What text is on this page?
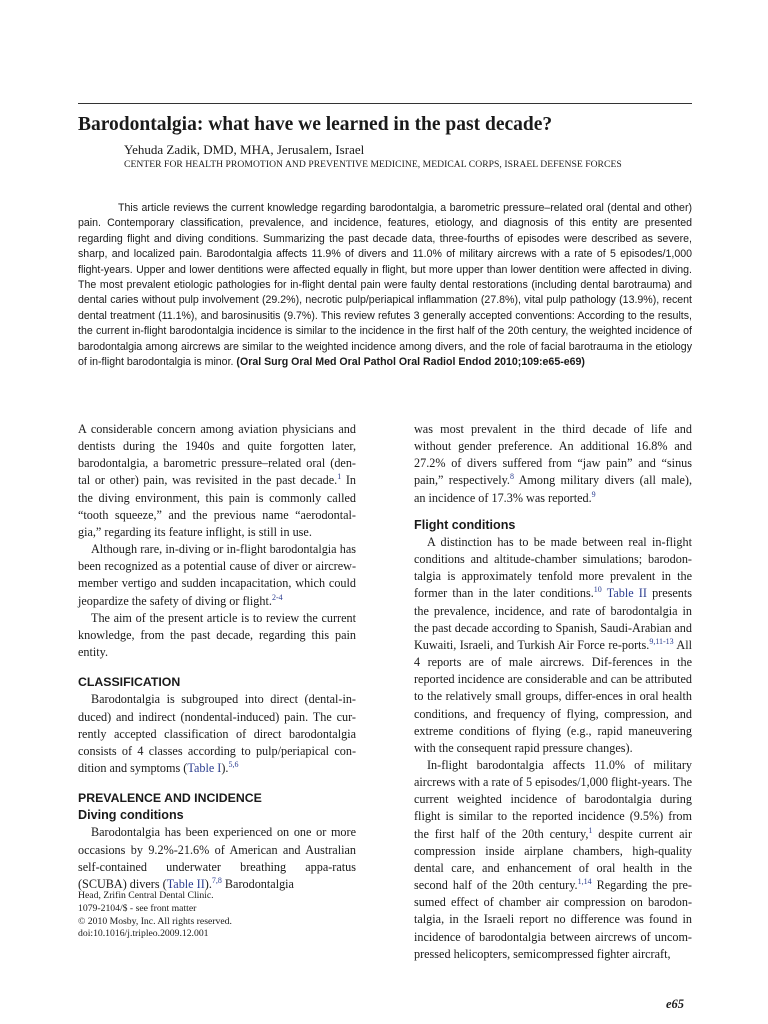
Barodontalgia: what have we learned in the past decade?
Yehuda Zadik, DMD, MHA, Jerusalem, Israel
CENTER FOR HEALTH PROMOTION AND PREVENTIVE MEDICINE, MEDICAL CORPS, ISRAEL DEFENSE FORCES

This article reviews the current knowledge regarding barodontalgia, a barometric pressure–related oral (dental and other) pain. Contemporary classification, prevalence, and incidence, features, etiology, and diagnosis of this entity are presented regarding flight and diving conditions. Summarizing the past decade data, three-fourths of episodes were described as severe, sharp, and localized pain. Barodontalgia affects 11.9% of divers and 11.0% of military aircrews with a rate of 5 episodes/1,000 flight-years. Upper and lower dentitions were affected equally in flight, but more upper than lower dentition were affected in diving. The most prevalent etiologic pathologies for in-flight dental pain were faulty dental restorations (including dental barotrauma) and dental caries without pulp involvement (29.2%), necrotic pulp/periapical inflammation (27.8%), vital pulp pathology (13.9%), recent dental treatment (11.1%), and barosinusitis (9.7%). This review refutes 3 generally accepted conventions: According to the results, the current in-flight barodontalgia incidence is similar to the incidence in the first half of the 20th century, the weighted incidence of barodontalgia among aircrews are similar to the weighted incidence among divers, and the role of facial barotrauma in the etiology of in-flight barodontalgia is minor. (Oral Surg Oral Med Oral Pathol Oral Radiol Endod 2010;109:e65-e69)

A considerable concern among aviation physicians and dentists during the 1940s and quite forgotten later, barodontalgia, a barometric pressure–related oral (den-tal or other) pain, was revisited in the past decade.$^1$ In the diving environment, this pain is commonly called “tooth squeeze,” and the previous name “aerodontal-gia,” regarding its feature inflight, is still in use.

Although rare, in-diving or in-flight barodontalgia has been recognized as a potential cause of diver or aircrew-member vertigo and sudden incapacitation, which could jeopardize the safety of diving or flight.$^{2-4}$

The aim of the present article is to review the current knowledge, from the past decade, regarding this pain entity.

CLASSIFICATION

Barodontalgia is subgrouped into direct (dental-in-duced) and indirect (nondental-induced) pain. The cur-rently accepted classification of direct barodontalgia consists of 4 classes according to pulp/periapical con-dition and symptoms (Table I).$^{5,6}$

PREVALENCE AND INCIDENCE
Diving conditions

Barodontalgia has been experienced on one or more occasions by 9.2%-21.6% of American and Australian self-contained underwater breathing appa-ratus (SCUBA) divers (Table II).$^{7,8}$ Barodontalgia

was most prevalent in the third decade of life and without gender preference. An additional 16.8% and 27.2% of divers suffered from “jaw pain” and “sinus pain,” respectively.$^8$ Among military divers (all male), an incidence of 17.3% was reported.$^9$

Flight conditions

A distinction has to be made between real in-flight conditions and altitude-chamber simulations; barodon-talgia is approximately tenfold more prevalent in the former than in the later conditions.$^{10}$ Table II presents the prevalence, incidence, and rate of barodontalgia in the past decade according to Spanish, Saudi-Arabian and Kuwaiti, Israeli, and Turkish Air Force re-ports.$^{9,11-13}$ All 4 reports are of male aircrews. Dif-ferences in the reported incidence are considerable and can be attributed to the relatively small groups, differ-ences in oral health conditions, and frequency of flying, compression, and extreme conditions of flying (e.g., rapid maneuvering with the consequent rapid pressure changes).

In-flight barodontalgia affects 11.0% of military aircrews with a rate of 5 episodes/1,000 flight-years. The current weighted incidence of barodontalgia during flight is similar to the reported incidence (9.5%) from the first half of the 20th century,$^1$ despite current air compression inside airplane chambers, high-quality dental care, and enhancement of oral health in the second half of the 20th century.$^{1,14}$ Regarding the pre-sumed effect of chamber air compression on barodon-talgia, in the Israeli report no difference was found in incidence of barodontalgia between aircrews of uncom-pressed helicopters, semicompressed fighter aircraft,

Head, Zrifin Central Dental Clinic.
1079-2104/$ - see front matter
© 2010 Mosby, Inc. All rights reserved.
doi:10.1016/j.tripleo.2009.12.001
e65
